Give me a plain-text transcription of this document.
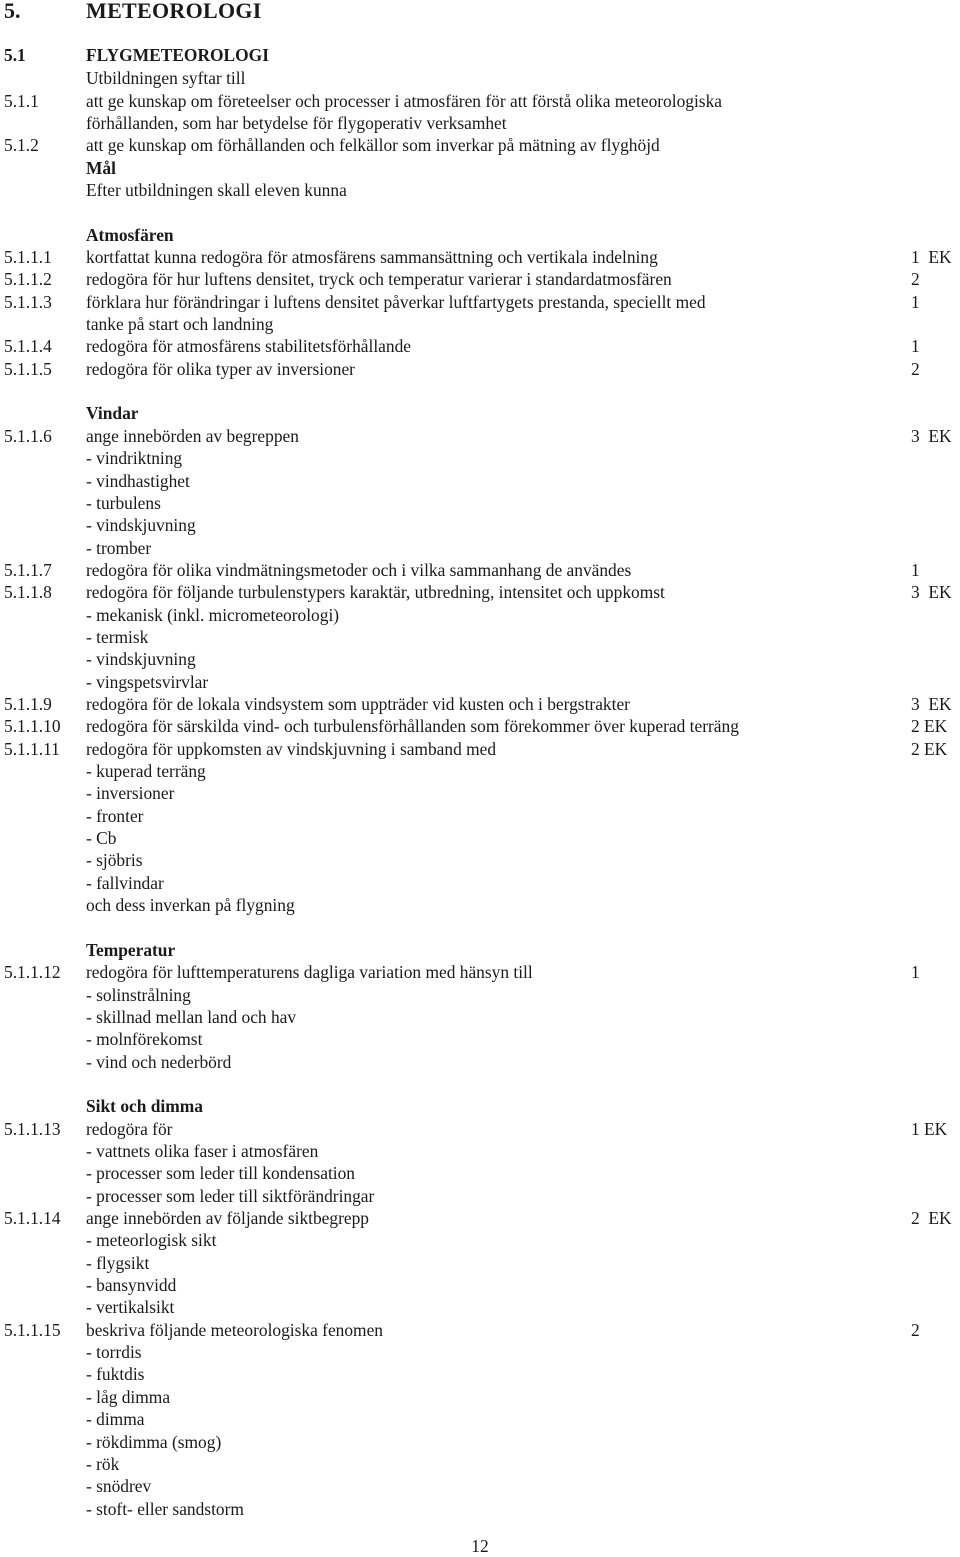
5.	METEOROLOGI
5.1	FLYGMETEOROLOGI
Utbildningen syftar till
5.1.1	att ge kunskap om företeelser och processer i atmosfären för att förstå olika meteorologiska
förhållanden, som har betydelse för flygoperativ verksamhet
5.1.2	att ge kunskap om förhållanden och felkällor som inverkar på mätning av flyghöjd
Mål
Efter utbildningen skall eleven kunna
Atmosfären
5.1.1.1 kortfattat kunna redogöra för atmosfärens sammansättning och vertikala indelning	1  EK
5.1.1.2 redogöra för hur luftens densitet, tryck och temperatur varierar i standardatmosfären	2
5.1.1.3 förklara hur förändringar i luftens densitet påverkar luftfartygets prestanda, speciellt med	1
tanke på start och landning
5.1.1.4 redogöra för atmosfärens stabilitetsförhållande	1
5.1.1.5 redogöra för olika typer av inversioner	2
Vindar
5.1.1.6 ange innebörden av begreppen	3  EK
- vindriktning
- vindhastighet
- turbulens
- vindskjuvning
- tromber
5.1.1.7 redogöra för olika vindmätningsmetoder och i vilka sammanhang de användes	1
5.1.1.8 redogöra för följande turbulenstypers karaktär, utbredning, intensitet och uppkomst	3  EK
- mekanisk (inkl. micrometeorologi)
- termisk
- vindskjuvning
- vingspetsvirvlar
5.1.1.9 redogöra för de lokala vindsystem som uppträder vid kusten och i bergstrakter	3  EK
5.1.1.10 redogöra för särskilda vind- och turbulensförhållanden som förekommer över kuperad terräng	2 EK
5.1.1.11 redogöra för uppkomsten av vindskjuvning i samband med	2 EK
- kuperad terräng
- inversioner
- fronter
- Cb
- sjöbris
- fallvindar
och dess inverkan på flygning
Temperatur
5.1.1.12 redogöra för lufttemperaturens dagliga variation med hänsyn till	1
- solinstrålning
- skillnad mellan land och hav
- molnförekomst
- vind och nederbörd
Sikt och dimma
5.1.1.13 redogöra för	1 EK
- vattnets olika faser i atmosfären
- processer som leder till kondensation
- processer som leder till siktförändringar
5.1.1.14 ange innebörden av följande siktbegrepp	2  EK
- meteorlogisk sikt
- flygsikt
- bansynvidd
- vertikalsikt
5.1.1.15 beskriva följande meteorologiska fenomen	2
- torrdis
- fuktdis
- låg dimma
- dimma
- rökdimma (smog)
- rök
- snödrev
- stoft- eller sandstorm
12
